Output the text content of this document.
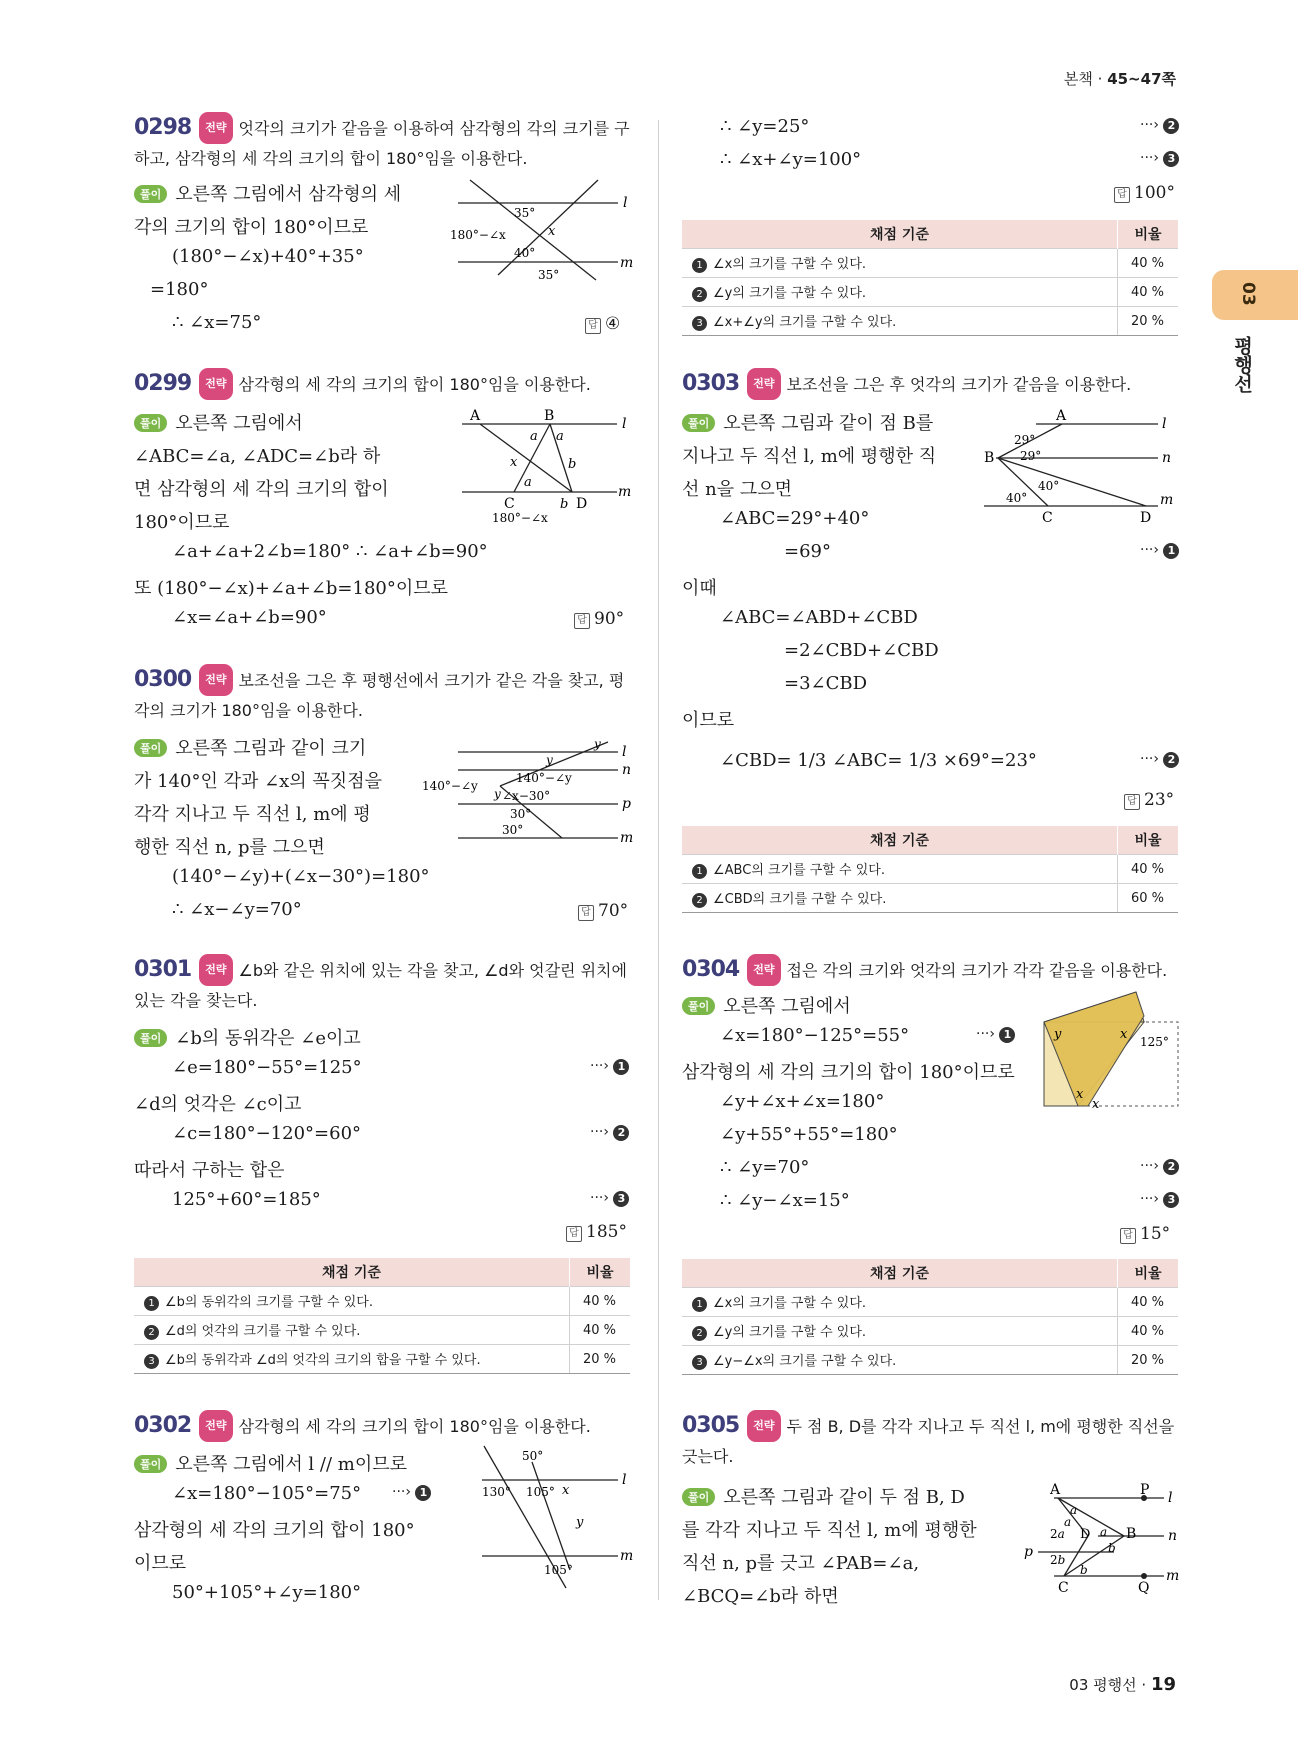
본책 · 45~47쪽
03
평행선
0298 전략 엇각의 크기가 같음을 이용하여 삼각형의 각의 크기를 구하고, 삼각형의 세 각의 크기의 합이 180°임을 이용한다.
풀이 오른쪽 그림에서 삼각형의 세
각의 크기의 합이 180°이므로
(180°−∠x)+40°+35°
=180°
∴ ∠x=75°	답 ④
l
m
35°
180°−∠x	x
40°
35°
0299 전략 삼각형의 세 각의 크기의 합이 180°임을 이용한다.
풀이 오른쪽 그림에서
∠ABC=∠a, ∠ADC=∠b라 하
면 삼각형의 세 각의 크기의 합이
180°이므로
∠a+∠a+2∠b=180° ∴ ∠a+∠b=90°
또 (180°−∠x)+∠a+∠b=180°이므로
∠x=∠a+∠b=90°	답 90°
A	B
C	D
l
m
a a
x	b
a
b
180°−∠x
0300 전략 보조선을 그은 후 평행선에서 크기가 같은 각을 찾고, 평각의 크기가 180°임을 이용한다.
풀이 오른쪽 그림과 같이 크기
가 140°인 각과 ∠x의 꼭짓점을
각각 지나고 두 직선 l, m에 평
행한 직선 n, p를 그으면
(140°−∠y)+(∠x−30°)=180°
∴ ∠x−∠y=70°	답 70°
l
n
p
m
y
y
140°−∠y
140°−∠y
y ∠x−30°
30°
30°
0301 전략 ∠b와 같은 위치에 있는 각을 찾고, ∠d와 엇갈린 위치에 있는 각을 찾는다.
풀이 ∠b의 동위각은 ∠e이고
∠e=180°−55°=125°	···› 1
∠d의 엇각은 ∠c이고
∠c=180°−120°=60°	···› 2
따라서 구하는 합은
125°+60°=185°	···› 3
답 185°
채점 기준	비율
1 ∠b의 동위각의 크기를 구할 수 있다.	40 %
2 ∠d의 엇각의 크기를 구할 수 있다.	40 %
3 ∠b의 동위각과 ∠d의 엇각의 크기의 합을 구할 수 있다.	20 %
0302 전략 삼각형의 세 각의 크기의 합이 180°임을 이용한다.
풀이 오른쪽 그림에서 l // m이므로
∠x=180°−105°=75° ···› 1
삼각형의 세 각의 크기의 합이 180°
이므로
50°+105°+∠y=180°
l
m
50°
130° 105° x
y
105°
∴ ∠y=25°	···› 2
∴ ∠x+∠y=100°	···› 3
답 100°
채점 기준	비율
1 ∠x의 크기를 구할 수 있다.	40 %
2 ∠y의 크기를 구할 수 있다.	40 %
3 ∠x+∠y의 크기를 구할 수 있다.	20 %
0303 전략 보조선을 그은 후 엇각의 크기가 같음을 이용한다.
풀이 오른쪽 그림과 같이 점 B를
지나고 두 직선 l, m에 평행한 직
선 n을 그으면
∠ABC=29°+40°
=69°	···› 1
이때
∠ABC=∠ABD+∠CBD
=2∠CBD+∠CBD
=3∠CBD
이므로
∠CBD= 1/3 ∠ABC= 1/3 ×69°=23°	···› 2
답 23°
A
B
C	D
l
n
m
29°
29°
40°
40°
채점 기준	비율
1 ∠ABC의 크기를 구할 수 있다.	40 %
2 ∠CBD의 크기를 구할 수 있다.	60 %
0304 전략 접은 각의 크기와 엇각의 크기가 각각 같음을 이용한다.
풀이 오른쪽 그림에서
∠x=180°−125°=55°	···› 1
삼각형의 세 각의 크기의 합이 180°이므로
∠y+∠x+∠x=180°
∠y+55°+55°=180°
∴ ∠y=70°	···› 2
∴ ∠y−∠x=15°	···› 3
답 15°
y	x 125°
x
x
채점 기준	비율
1 ∠x의 크기를 구할 수 있다.	40 %
2 ∠y의 크기를 구할 수 있다.	40 %
3 ∠y−∠x의 크기를 구할 수 있다.	20 %
0305 전략 두 점 B, D를 각각 지나고 두 직선 l, m에 평행한 직선을 긋는다.
풀이 오른쪽 그림과 같이 두 점 B, D
를 각각 지나고 두 직선 l, m에 평행한
직선 n, p를 긋고 ∠PAB=∠a,
∠BCQ=∠b라 하면
A	P
B
C	Q
D
l
n
p
m
a
a
2a	a
2b
b
b
03 평행선 · 19
